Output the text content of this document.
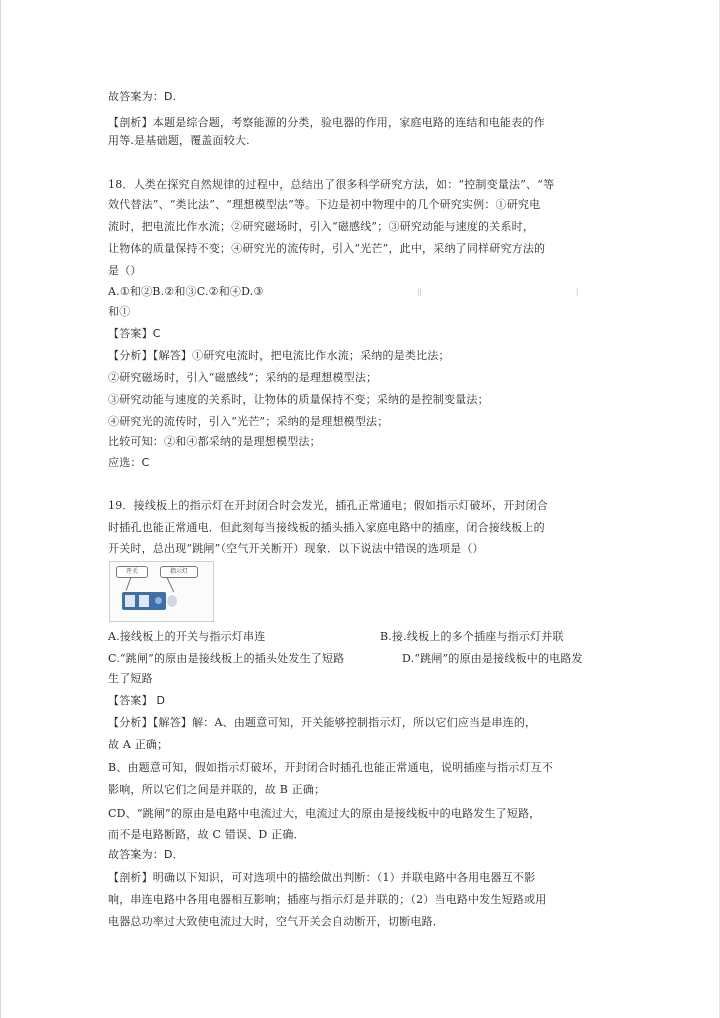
故答案为：D.
【剖析】本题是综合题，考察能源的分类，验电器的作用，家庭电路的连结和电能表的作
用等.是基础题，覆盖面较大.
18．人类在探究自然规律的过程中，总结出了很多科学研究方法，如：“控制变量法”、“等
效代替法”、“类比法”、“理想模型法”等。下边是初中物理中的几个研究实例：①研究电
流时，把电流比作水流；②研究磁场时，引入“磁感线”；③研究动能与速度的关系时，
让物体的质量保持不变；④研究光的流传时，引入“光芒”，此中，采纳了同样研究方法的
是（）
A.①和②B.②和③C.②和④D.③	||	|
和①
【答案】C
【分析】【解答】①研究电流时，把电流比作水流；采纳的是类比法；
②研究磁场时，引入“磁感线”；采纳的是理想模型法；
③研究动能与速度的关系时，让物体的质量保持不变；采纳的是控制变量法；
④研究光的流传时，引入“光芒”；采纳的是理想模型法；
比较可知：②和④都采纳的是理想模型法；
应选：C
19．接线板上的指示灯在开封闭合时会发光，插孔正常通电；假如指示灯破坏，开封闭合
时插孔也能正常通电．但此刻每当接线板的插头插入家庭电路中的插座，闭合接线板上的
开关时，总出现“跳闸”（空气开关断开）现象．以下说法中错误的选项是（）
开关	指示灯
A.接线板上的开关与指示灯串连	B.接.线板上的多个插座与指示灯并联
C.“跳闸”的原由是接线板上的插头处发生了短路	D.“跳闸”的原由是接线板中的电路发
生了短路
【答案】 D
【分析】【解答】解：A、由题意可知，开关能够控制指示灯，所以它们应当是串连的，
故 A 正确；
B、由题意可知，假如指示灯破坏，开封闭合时插孔也能正常通电，说明插座与指示灯互不
影响，所以它们之间是并联的，故 B 正确；
CD、“跳闸”的原由是电路中电流过大，电流过大的原由是接线板中的电路发生了短路，
而不是电路断路，故 C 错误、D 正确．
故答案为：D．
【剖析】明确以下知识，可对选项中的描绘做出判断：（1）并联电路中各用电器互不影
响，串连电路中各用电器相互影响；插座与指示灯是并联的；（2）当电路中发生短路或用
电器总功率过大致使电流过大时，空气开关会自动断开，切断电路．
